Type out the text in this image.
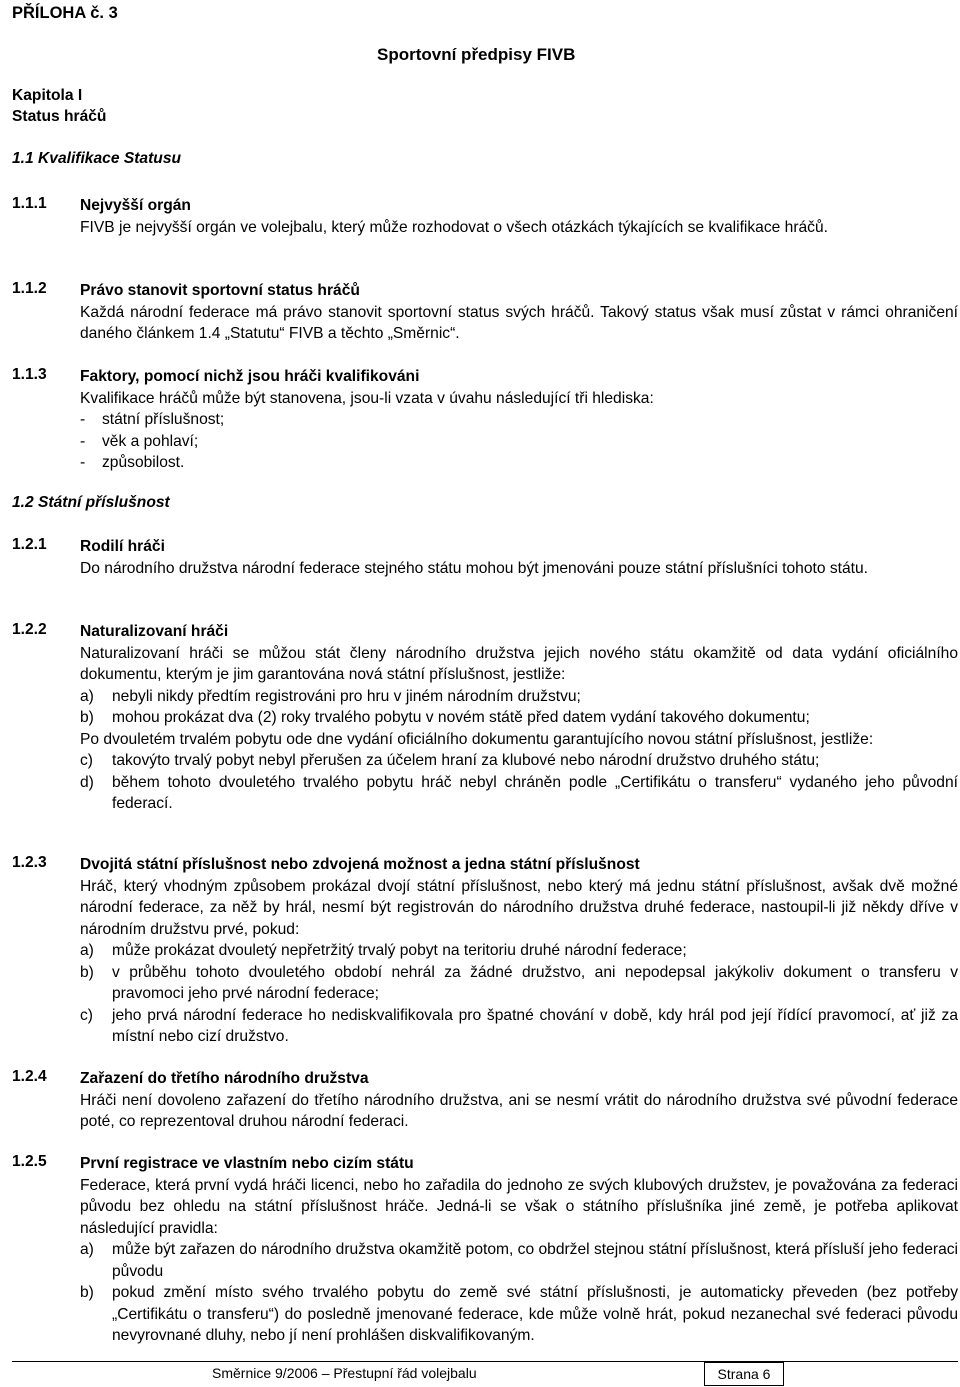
PŘÍLOHA č. 3
Sportovní předpisy FIVB
Kapitola I
Status hráčů
1.1 Kvalifikace Statusu
1.1.1 Nejvyšší orgán
FIVB je nejvyšší orgán ve volejbalu, který může rozhodovat o všech otázkách týkajících se kvalifikace hráčů.
1.1.2 Právo stanovit sportovní status hráčů
Každá národní federace má právo stanovit sportovní status svých hráčů. Takový status však musí zůstat v rámci ohraničení daného článkem 1.4 „Statutu“ FIVB a těchto „Směrnic“.
1.1.3 Faktory, pomocí nichž jsou hráči kvalifikováni
Kvalifikace hráčů může být stanovena, jsou-li vzata v úvahu následující tři hlediska:
- státní příslušnost;
- věk a pohlaví;
- způsobilost.
1.2 Státní příslušnost
1.2.1 Rodilí hráči
Do národního družstva národní federace stejného státu mohou být jmenováni pouze státní příslušníci tohoto státu.
1.2.2 Naturalizovaní hráči
Naturalizovaní hráči se můžou stát členy národního družstva jejich nového státu okamžitě od data vydání oficiálního dokumentu, kterým je jim garantována nová státní příslušnost, jestliže:
a) nebyli nikdy předtím registrováni pro hru v jiném národním družstvu;
b) mohou prokázat dva (2) roky trvalého pobytu v novém státě před datem vydání takového dokumentu;
Po dvouletém trvalém pobytu ode dne vydání oficiálního dokumentu garantujícího novou státní příslušnost, jestliže:
c) takovýto trvalý pobyt nebyl přerušen za účelem hraní za klubové nebo národní družstvo druhého státu;
d) během tohoto dvouletého trvalého pobytu hráč nebyl chráněn podle „Certifikátu o transferu“ vydaného jeho původní federací.
1.2.3 Dvojitá státní příslušnost nebo zdvojená možnost a jedna státní příslušnost
Hráč, který vhodným způsobem prokázal dvojí státní příslušnost, nebo který má jednu státní příslušnost, avšak dvě možné národní federace, za něž by hrál, nesmí být registrován do národního družstva druhé federace, nastoupil-li již někdy dříve v národním družstvu prvé, pokud:
a) může prokázat dvouletý nepřetržitý trvalý pobyt na teritoriu druhé národní federace;
b) v průběhu tohoto dvouletého období nehrál za žádné družstvo, ani nepodepsal jakýkoliv dokument o transferu v pravomoci jeho prvé národní federace;
c) jeho prvá národní federace ho nediskvalifikovala pro špatné chování v době, kdy hrál pod její řídící pravomocí, ať již za místní nebo cizí družstvo.
1.2.4 Zařazení do třetího národního družstva
Hráči není dovoleno zařazení do třetího národního družstva, ani se nesmí vrátit do národního družstva své původní federace poté, co reprezentoval druhou národní federaci.
1.2.5 První registrace ve vlastním nebo cizím státu
Federace, která první vydá hráči licenci, nebo ho zařadila do jednoho ze svých klubových družstev, je považována za federaci původu bez ohledu na státní příslušnost hráče. Jedná-li se však o státního příslušníka jiné země, je potřeba aplikovat následující pravidla:
a) může být zařazen do národního družstva okamžitě potom, co obdržel stejnou státní příslušnost, která přísluší jeho federaci původu
b) pokud změní místo svého trvalého pobytu do země své státní příslušnosti, je automaticky převeden (bez potřeby „Certifikátu o transferu“) do posledně jmenované federace, kde může volně hrát, pokud nezanechal své federaci původu nevyrovnané dluhy, nebo jí není prohlášen diskvalifikovaným.
Směrnice 9/2006 – Přestupní řád volejbalu	Strana 6
